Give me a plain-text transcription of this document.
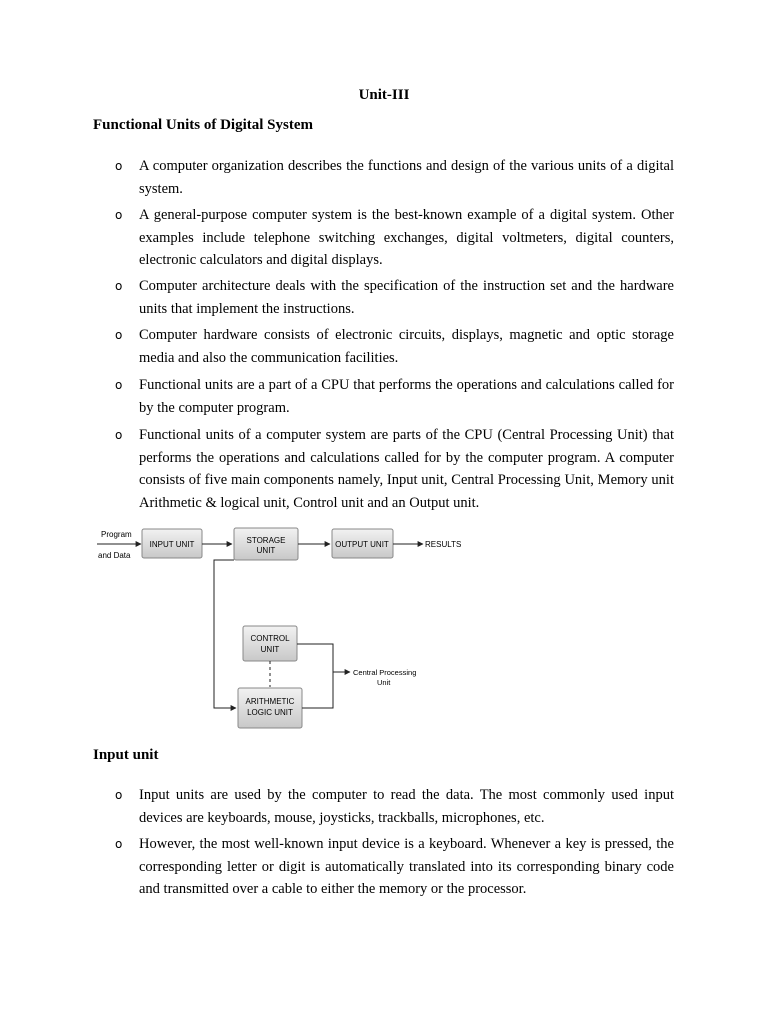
Unit-III
Functional Units of Digital System
o A computer organization describes the functions and design of the various units of a digital system.
o A general-purpose computer system is the best-known example of a digital system. Other examples include telephone switching exchanges, digital voltmeters, digital counters, electronic calculators and digital displays.
o Computer architecture deals with the specification of the instruction set and the hardware units that implement the instructions.
o Computer hardware consists of electronic circuits, displays, magnetic and optic storage media and also the communication facilities.
o Functional units are a part of a CPU that performs the operations and calculations called for by the computer program.
o Functional units of a computer system are parts of the CPU (Central Processing Unit) that performs the operations and calculations called for by the computer program. A computer consists of five main components namely, Input unit, Central Processing Unit, Memory unit Arithmetic & logical unit, Control unit and an Output unit.
Program
and Data
INPUT UNIT	STORAGE
UNIT
OUTPUT UNIT	RESULTS
CONTROL
UNIT
ARITHMETIC
LOGIC UNIT
Central Processing
Unit
Input unit
o Input units are used by the computer to read the data. The most commonly used input devices are keyboards, mouse, joysticks, trackballs, microphones, etc.
o However, the most well-known input device is a keyboard. Whenever a key is pressed, the corresponding letter or digit is automatically translated into its corresponding binary code and transmitted over a cable to either the memory or the processor.
